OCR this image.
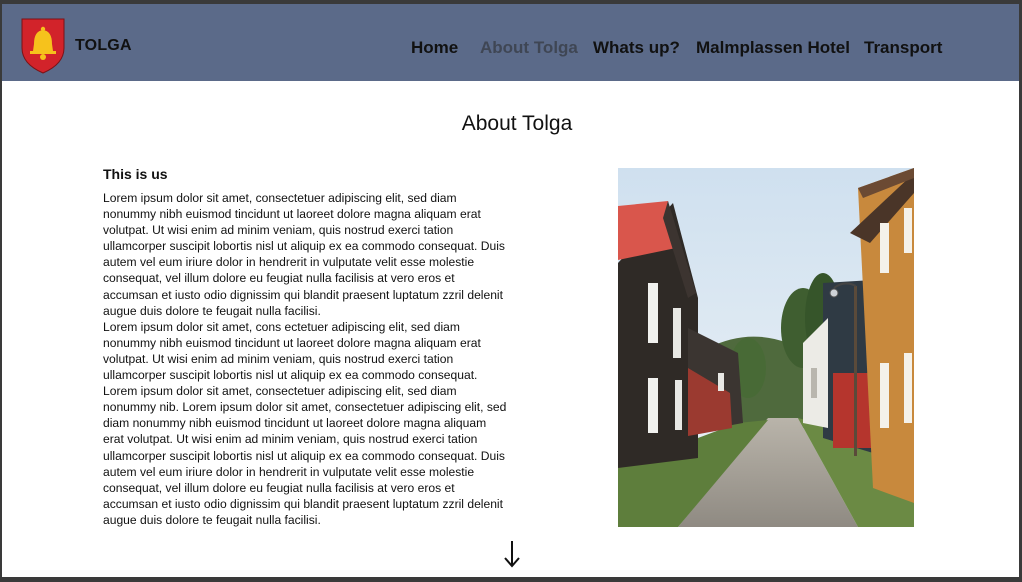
TOLGA	Home About Tolga Whats up? Malmplassen Hotel Transport
About Tolga
This is us

Lorem ipsum dolor sit amet, consectetuer adipiscing elit, sed diam nonummy nibh euismod tincidunt ut laoreet dolore magna aliquam erat volutpat. Ut wisi enim ad minim veniam, quis nostrud exerci tation ullamcorper suscipit lobortis nisl ut aliquip ex ea commodo consequat. Duis autem vel eum iriure dolor in hendrerit in vulputate velit esse molestie consequat, vel illum dolore eu feugiat nulla facilisis at vero eros et accumsan et iusto odio dignissim qui blandit praesent luptatum zzril delenit augue duis dolore te feugait nulla facilisi.

Lorem ipsum dolor sit amet, cons ectetuer adipiscing elit, sed diam nonummy nibh euismod tincidunt ut laoreet dolore magna aliquam erat volutpat. Ut wisi enim ad minim veniam, quis nostrud exerci tation ullamcorper suscipit lobortis nisl ut aliquip ex ea commodo consequat. Lorem ipsum dolor sit amet, consectetuer adipiscing elit, sed diam nonummy nib. Lorem ipsum dolor sit amet, consectetuer adipiscing elit, sed diam nonummy nibh euismod tincidunt ut laoreet dolore magna aliquam erat volutpat. Ut wisi enim ad minim veniam, quis nostrud exerci tation ullamcorper suscipit lobortis nisl ut aliquip ex ea commodo consequat. Duis autem vel eum iriure dolor in hendrerit in vulputate velit esse molestie consequat, vel illum dolore eu feugiat nulla facilisis at vero eros et accumsan et iusto odio dignissim qui blandit praesent luptatum zzril delenit augue duis dolore te feugait nulla facilisi.
